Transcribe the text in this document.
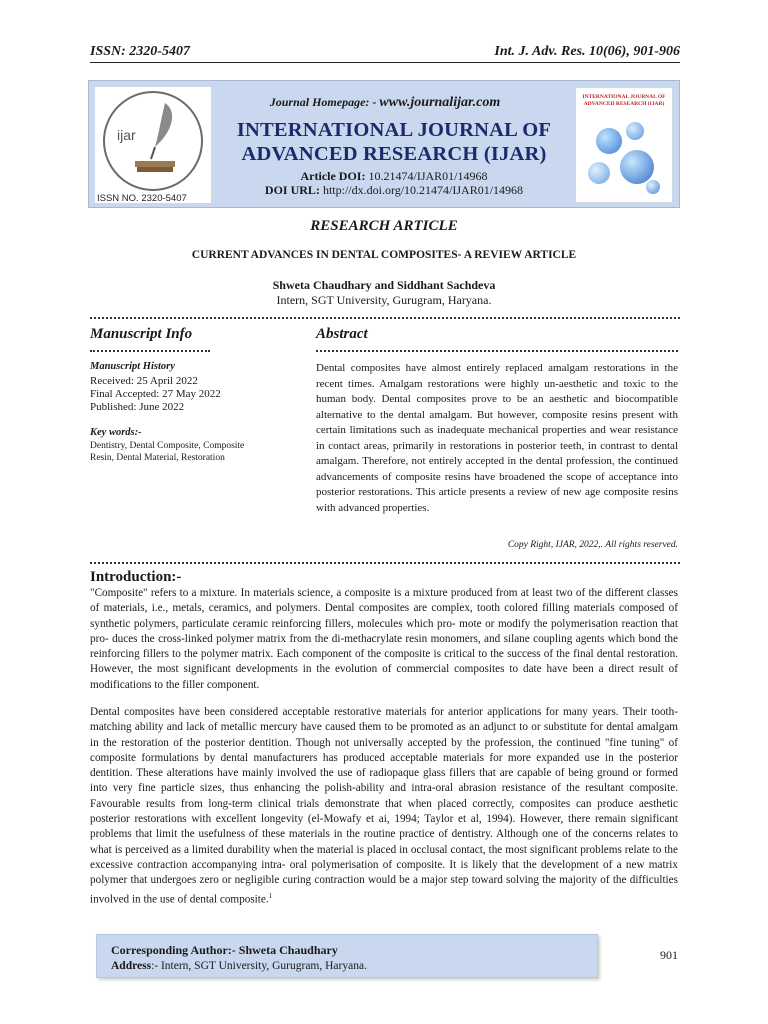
ISSN: 2320-5407	Int. J. Adv. Res. 10(06), 901-906
ijar
ISSN NO. 2320-5407
Journal Homepage: - www.journalijar.com
INTERNATIONAL JOURNAL OF
ADVANCED RESEARCH (IJAR)
Article DOI: 10.21474/IJAR01/14968
DOI URL: http://dx.doi.org/10.21474/IJAR01/14968
INTERNATIONAL JOURNAL OF ADVANCED RESEARCH (IJAR)
RESEARCH ARTICLE
CURRENT ADVANCES IN DENTAL COMPOSITES- A REVIEW ARTICLE
Shweta Chaudhary and Siddhant Sachdeva
Intern, SGT University, Gurugram, Haryana.
Manuscript Info
Manuscript History
Received: 25 April 2022
Final Accepted: 27 May 2022
Published: June 2022
Key words:-
Dentistry, Dental Composite, Composite
Resin, Dental Material, Restoration
Abstract
Dental composites have almost entirely replaced amalgam restorations in the recent times. Amalgam restorations were highly un-aesthetic and toxic to the human body. Dental composites prove to be an aesthetic and biocompatible alternative to the dental amalgam. But however, composite resins present with certain limitations such as inadequate mechanical properties and wear resistance in contact areas, primarily in restorations in posterior teeth, in contrast to dental amalgam. Therefore, not entirely accepted in the dental profession, the continued advancements of composite resins have broadened the scope of acceptance into posterior restorations. This article presents a review of new age composite resins with advanced properties.
Copy Right, IJAR, 2022,. All rights reserved.
Introduction:-
"Composite" refers to a mixture. In materials science, a composite is a mixture produced from at least two of the different classes of materials, i.e., metals, ceramics, and polymers. Dental composites are complex, tooth colored filling materials composed of synthetic polymers, particulate ceramic reinforcing fillers, molecules which pro- mote or modify the polymerisation reaction that pro- duces the cross-linked polymer matrix from the di-methacrylate resin monomers, and silane coupling agents which bond the reinforcing fillers to the polymer matrix. Each component of the composite is critical to the success of the final dental restoration. However, the most significant developments in the evolution of commercial composites to date have been a direct result of modifications to the filler component.
Dental composites have been considered acceptable restorative materials for anterior applications for many years. Their tooth-matching ability and lack of metallic mercury have caused them to be promoted as an adjunct to or substitute for dental amalgam in the restoration of the posterior dentition. Though not universally accepted by the profession, the continued "fine tuning" of composite formulations by dental manufacturers has produced acceptable materials for more expanded use in the posterior dentition. These alterations have mainly involved the use of radiopaque glass fillers that are capable of being ground or formed into very fine particle sizes, thus enhancing the polish-ability and intra-oral abrasion resistance of the resultant composite. Favourable results from long-term clinical trials demonstrate that when placed correctly, composites can produce aesthetic posterior restorations with excellent longevity (el-Mowafy et ai, 1994; Taylor et al, 1994). However, there remain significant problems that limit the usefulness of these materials in the routine practice of dentistry. Although one of the concerns relates to what is perceived as a limited durability when the material is placed in occlusal contact, the most significant problems relate to the excessive contraction accompanying intra- oral polymerisation of composite. It is likely that the development of a new matrix polymer that undergoes zero or negligible curing contraction would be a major step toward solving the majority of the difficulties involved in the use of dental composite.$^1$
Corresponding Author:- Shweta Chaudhary
Address:- Intern, SGT University, Gurugram, Haryana.
901
